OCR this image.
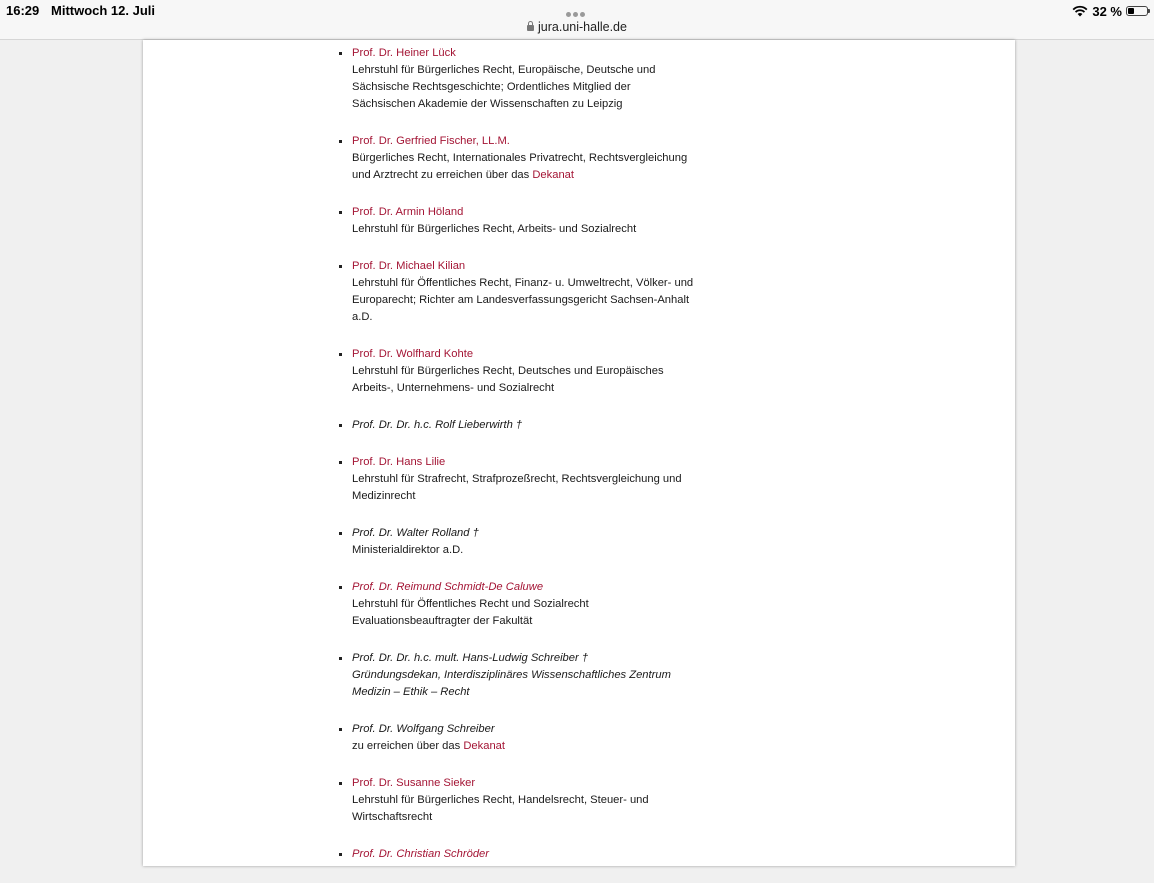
16:29 Mittwoch 12. Juli
jura.uni-halle.de
32 %
Prof. Dr. Heiner Lück
Lehrstuhl für Bürgerliches Recht, Europäische, Deutsche und
Sächsische Rechtsgeschichte; Ordentliches Mitglied der
Sächsischen Akademie der Wissenschaften zu Leipzig
Prof. Dr. Gerfried Fischer, LL.M.
Bürgerliches Recht, Internationales Privatrecht, Rechtsvergleichung
und Arztrecht zu erreichen über das Dekanat
Prof. Dr. Armin Höland
Lehrstuhl für Bürgerliches Recht, Arbeits- und Sozialrecht
Prof. Dr. Michael Kilian
Lehrstuhl für Öffentliches Recht, Finanz- u. Umweltrecht, Völker- und
Europarecht; Richter am Landesverfassungsgericht Sachsen-Anhalt
a.D.
Prof. Dr. Wolfhard Kohte
Lehrstuhl für Bürgerliches Recht, Deutsches und Europäisches
Arbeits-, Unternehmens- und Sozialrecht
Prof. Dr. Dr. h.c. Rolf Lieberwirth †
Prof. Dr. Hans Lilie
Lehrstuhl für Strafrecht, Strafprozeßrecht, Rechtsvergleichung und
Medizinrecht
Prof. Dr. Walter Rolland †
Ministerialdirektor a.D.
Prof. Dr. Reimund Schmidt-De Caluwe
Lehrstuhl für Öffentliches Recht und Sozialrecht
Evaluationsbeauftragter der Fakultät
Prof. Dr. Dr. h.c. mult. Hans-Ludwig Schreiber †
Gründungsdekan, Interdisziplinäres Wissenschaftliches Zentrum
Medizin – Ethik – Recht
Prof. Dr. Wolfgang Schreiber
zu erreichen über das Dekanat
Prof. Dr. Susanne Sieker
Lehrstuhl für Bürgerliches Recht, Handelsrecht, Steuer- und
Wirtschaftsrecht
Prof. Dr. Christian Schröder
